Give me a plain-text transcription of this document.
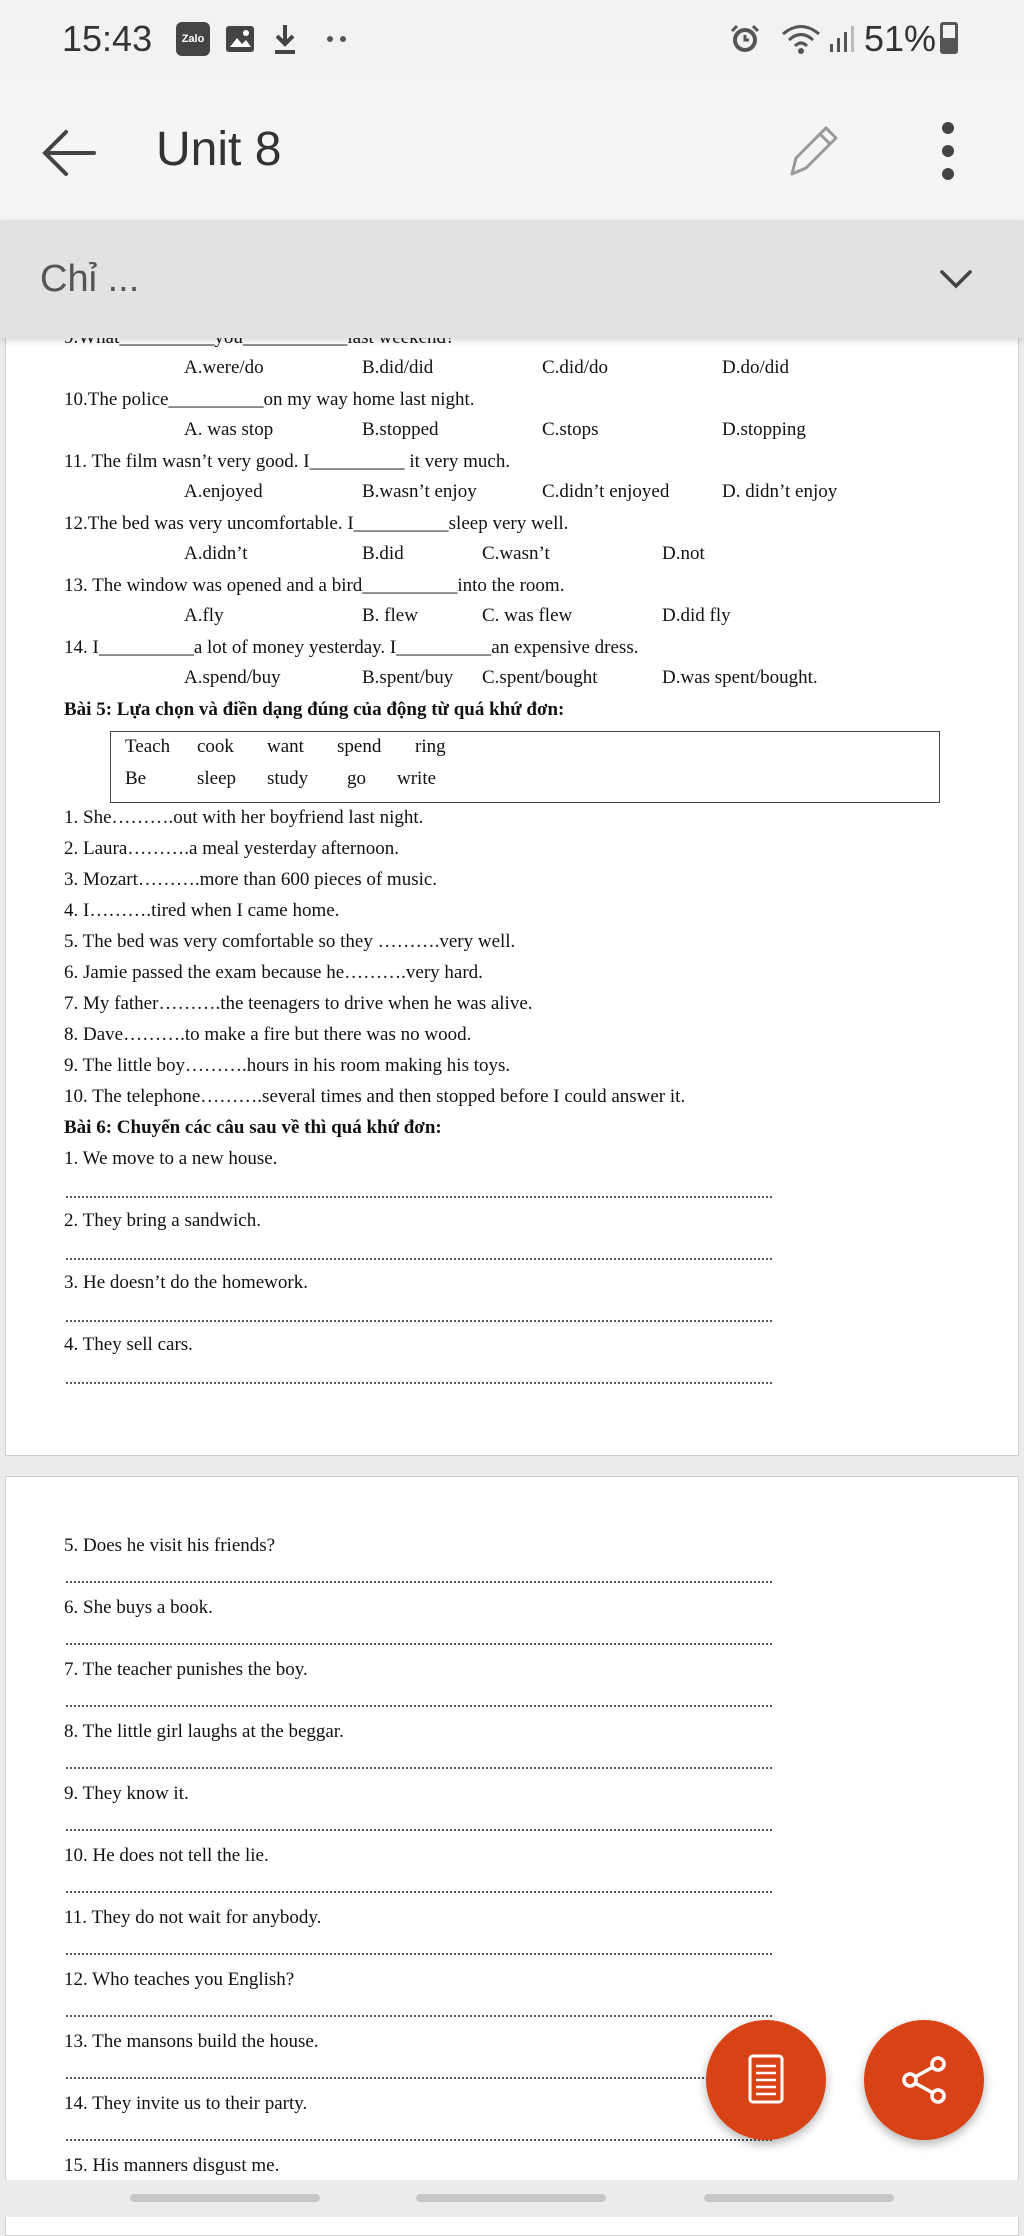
15:43	Zalo	51%
Unit 8
Chỉ ...
A.were/do	B.did/did	C.did/do	D.do/did
10.The police__________on my way home last night.
A. was stop	B.stopped	C.stops	D.stopping
11. The film wasn’t very good. I__________ it very much.
A.enjoyed	B.wasn’t enjoy	C.didn’t enjoyed	D. didn’t enjoy
12.The bed was very uncomfortable. I__________sleep very well.
A.didn’t	B.did	C.wasn’t	D.not
13. The window was opened and a bird__________into the room.
A.fly	B. flew	C. was flew	D.did fly
14. I__________a lot of money yesterday. I__________an expensive dress.
A.spend/buy	B.spent/buy C.spent/bought	D.was spent/bought.
Bài 5: Lựa chọn và điền dạng đúng của động từ quá khứ đơn:
Teach cook want spend ring
Be	sleep study go write
1. She……….out with her boyfriend last night.
2. Laura……….a meal yesterday afternoon.
3. Mozart……….more than 600 pieces of music.
4. I……….tired when I came home.
5. The bed was very comfortable so they ……….very well.
6. Jamie passed the exam because he……….very hard.
7. My father……….the teenagers to drive when he was alive.
8. Dave……….to make a fire but there was no wood.
9. The little boy……….hours in his room making his toys.
10. The telephone……….several times and then stopped before I could answer it.
Bài 6: Chuyển các câu sau về thì quá khứ đơn:
1. We move to a new house.
2. They bring a sandwich.
3. He doesn’t do the homework.
4. They sell cars.
5. Does he visit his friends?
6. She buys a book.
7. The teacher punishes the boy.
8. The little girl laughs at the beggar.
9. They know it.
10. He does not tell the lie.
11. They do not wait for anybody.
12. Who teaches you English?
13. The mansons build the house.
14. They invite us to their party.
15. His manners disgust me.
